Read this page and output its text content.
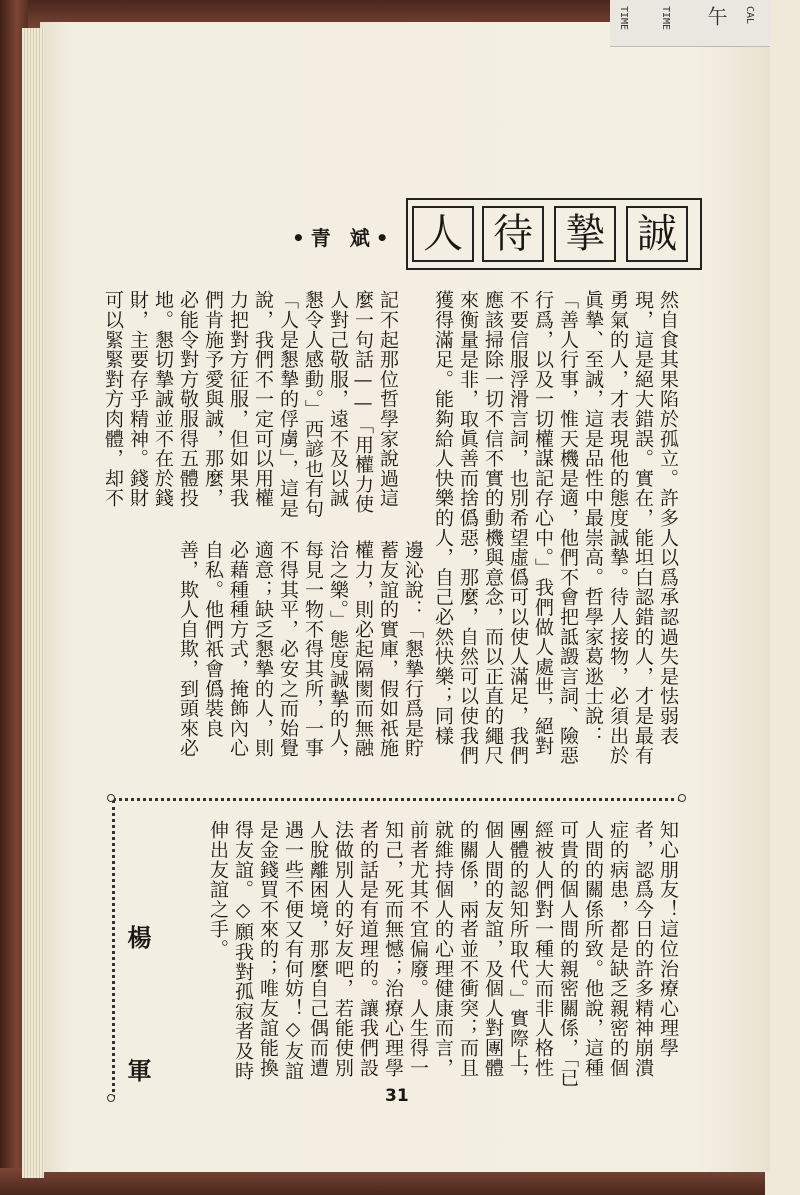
TIME	TIME 午	CAL
誠
摯
待
人
•青 斌•
記不起那位哲學家說過這麼一句話——「用權力使人對己敬服，遠不及以誠懇令人感動。」西諺也有句「人是懇摯的俘虜」，這是說，我們不一定可以用權力把對方征服，但如果我們肯施予愛與誠，那麼，必能令對方敬服得五體投地。懇切摯誠並不在於錢財，主要存乎精神。錢財可以緊緊對方肉體，却不
邊沁說：「懇摯行爲是貯蓄友誼的實庫，假如祇施權力，則必起隔閡而無融洽之樂。」態度誠摯的人，每見一物不得其所，一事不得其平，必安之而始覺適意；缺乏懇摯的人，則必藉種種方式，掩飾內心自私。他們祇會僞裝良善，欺人自欺，到頭來必
然自食其果陷於孤立。許多人以爲承認過失是怯弱表現，這是絕大錯誤。實在，能坦白認錯的人，才是最有勇氣的人，才表現他的態度誠摯。待人接物，必須出於眞摯、至誠，這是品性中最崇高。哲學家葛逖士說：「善人行事，惟天機是適，他們不會把詆譭言詞、險惡行爲，以及一切權謀記存心中。」我們做人處世，絕對不要信服浮滑言詞，也別希望虛僞可以使人滿足，我們應該掃除一切不信不實的動機與意念，而以正直的繩尺來衡量是非，取眞善而捨僞惡，那麼，自然可以使我們獲得滿足。能夠給人快樂的人，自己必然快樂；同樣
知心朋友！這位治療心理學者，認爲今日的許多精神崩潰症的病患，都是缺乏親密的個人間的關係所致。他說，這種可貴的個人間的親密關係，「已經被人們對一種大而非人格性團體的認知所取代。」實際上，個人間的友誼，及個人對團體的關係，兩者並不衝突；而且就維持個人的心理健康而言，前者尤其不宜偏廢。人生得一知己，死而無憾；治療心理學者的話是有道理的。讓我們設法做別人的好友吧，若能使別人脫離困境，那麼自己偶而遭遇一些不便又有何妨！◇友誼是金錢買不來的；唯友誼能換得友誼。◇願我對孤寂者及時伸出友誼之手。
楊 軍	31
